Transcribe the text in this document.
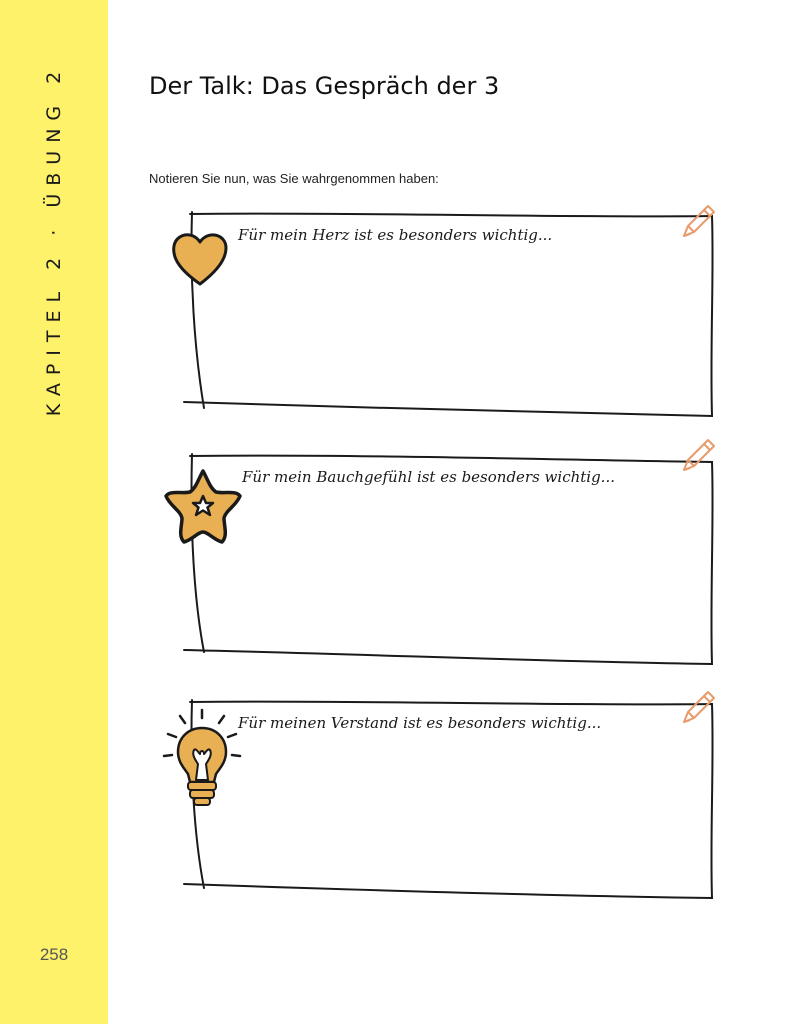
KAPITEL 2 · ÜBUNG 2
258
Der Talk: Das Gespräch der 3
Notieren Sie nun, was Sie wahrgenommen haben:
Für mein Herz ist es besonders wichtig...
Für mein Bauchgefühl ist es besonders wichtig...
Für meinen Verstand ist es besonders wichtig...
